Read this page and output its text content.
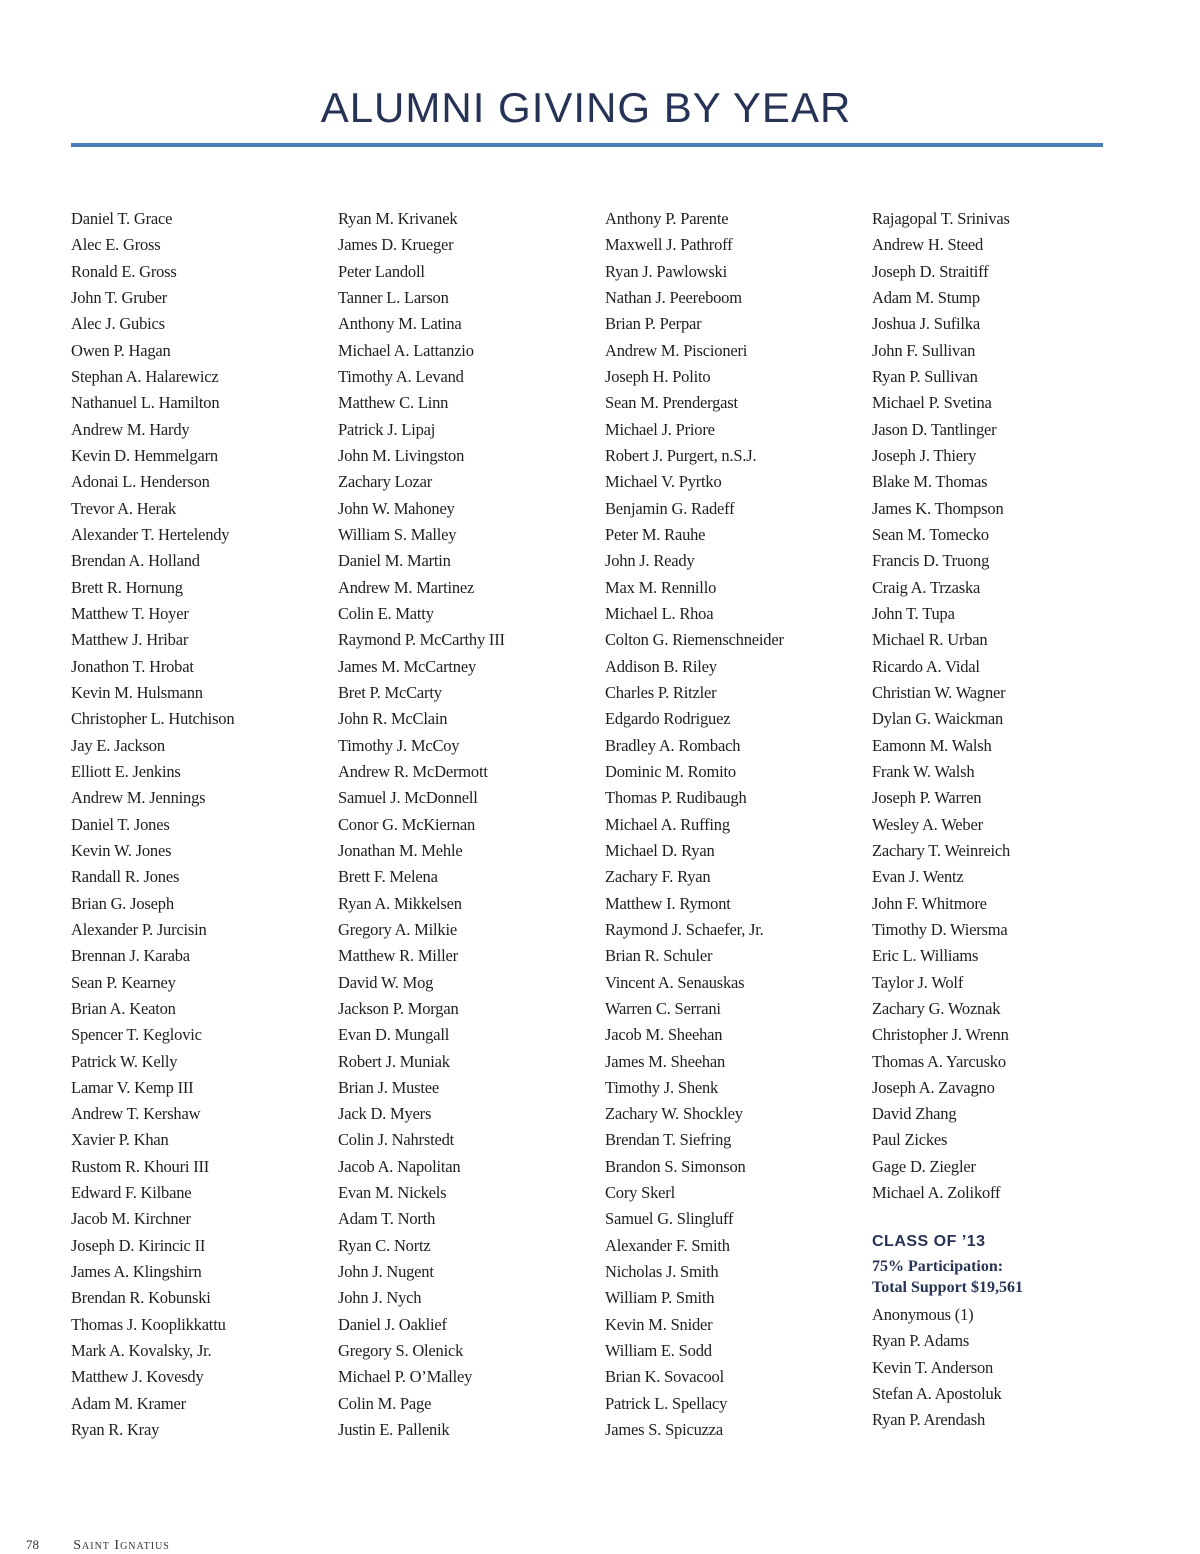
ALUMNI GIVING BY YEAR
Daniel T. Grace
Alec E. Gross
Ronald E. Gross
John T. Gruber
Alec J. Gubics
Owen P. Hagan
Stephan A. Halarewicz
Nathanuel L. Hamilton
Andrew M. Hardy
Kevin D. Hemmelgarn
Adonai L. Henderson
Trevor A. Herak
Alexander T. Hertelendy
Brendan A. Holland
Brett R. Hornung
Matthew T. Hoyer
Matthew J. Hribar
Jonathon T. Hrobat
Kevin M. Hulsmann
Christopher L. Hutchison
Jay E. Jackson
Elliott E. Jenkins
Andrew M. Jennings
Daniel T. Jones
Kevin W. Jones
Randall R. Jones
Brian G. Joseph
Alexander P. Jurcisin
Brennan J. Karaba
Sean P. Kearney
Brian A. Keaton
Spencer T. Keglovic
Patrick W. Kelly
Lamar V. Kemp III
Andrew T. Kershaw
Xavier P. Khan
Rustom R. Khouri III
Edward F. Kilbane
Jacob M. Kirchner
Joseph D. Kirincic II
James A. Klingshirn
Brendan R. Kobunski
Thomas J. Kooplikkattu
Mark A. Kovalsky, Jr.
Matthew J. Kovesdy
Adam M. Kramer
Ryan R. Kray
Ryan M. Krivanek
James D. Krueger
Peter Landoll
Tanner L. Larson
Anthony M. Latina
Michael A. Lattanzio
Timothy A. Levand
Matthew C. Linn
Patrick J. Lipaj
John M. Livingston
Zachary Lozar
John W. Mahoney
William S. Malley
Daniel M. Martin
Andrew M. Martinez
Colin E. Matty
Raymond P. McCarthy III
James M. McCartney
Bret P. McCarty
John R. McClain
Timothy J. McCoy
Andrew R. McDermott
Samuel J. McDonnell
Conor G. McKiernan
Jonathan M. Mehle
Brett F. Melena
Ryan A. Mikkelsen
Gregory A. Milkie
Matthew R. Miller
David W. Mog
Jackson P. Morgan
Evan D. Mungall
Robert J. Muniak
Brian J. Mustee
Jack D. Myers
Colin J. Nahrstedt
Jacob A. Napolitan
Evan M. Nickels
Adam T. North
Ryan C. Nortz
John J. Nugent
John J. Nych
Daniel J. Oaklief
Gregory S. Olenick
Michael P. O’Malley
Colin M. Page
Justin E. Pallenik
Anthony P. Parente
Maxwell J. Pathroff
Ryan J. Pawlowski
Nathan J. Peereboom
Brian P. Perpar
Andrew M. Piscioneri
Joseph H. Polito
Sean M. Prendergast
Michael J. Priore
Robert J. Purgert, n.S.J.
Michael V. Pyrtko
Benjamin G. Radeff
Peter M. Rauhe
John J. Ready
Max M. Rennillo
Michael L. Rhoa
Colton G. Riemenschneider
Addison B. Riley
Charles P. Ritzler
Edgardo Rodriguez
Bradley A. Rombach
Dominic M. Romito
Thomas P. Rudibaugh
Michael A. Ruffing
Michael D. Ryan
Zachary F. Ryan
Matthew I. Rymont
Raymond J. Schaefer, Jr.
Brian R. Schuler
Vincent A. Senauskas
Warren C. Serrani
Jacob M. Sheehan
James M. Sheehan
Timothy J. Shenk
Zachary W. Shockley
Brendan T. Siefring
Brandon S. Simonson
Cory Skerl
Samuel G. Slingluff
Alexander F. Smith
Nicholas J. Smith
William P. Smith
Kevin M. Snider
William E. Sodd
Brian K. Sovacool
Patrick L. Spellacy
James S. Spicuzza
Rajagopal T. Srinivas
Andrew H. Steed
Joseph D. Straitiff
Adam M. Stump
Joshua J. Sufilka
John F. Sullivan
Ryan P. Sullivan
Michael P. Svetina
Jason D. Tantlinger
Joseph J. Thiery
Blake M. Thomas
James K. Thompson
Sean M. Tomecko
Francis D. Truong
Craig A. Trzaska
John T. Tupa
Michael R. Urban
Ricardo A. Vidal
Christian W. Wagner
Dylan G. Waickman
Eamonn M. Walsh
Frank W. Walsh
Joseph P. Warren
Wesley A. Weber
Zachary T. Weinreich
Evan J. Wentz
John F. Whitmore
Timothy D. Wiersma
Eric L. Williams
Taylor J. Wolf
Zachary G. Woznak
Christopher J. Wrenn
Thomas A. Yarcusko
Joseph A. Zavagno
David Zhang
Paul Zickes
Gage D. Ziegler
Michael A. Zolikoff
CLASS OF ’13
75% Participation:
Total Support $19,561
Anonymous (1)
Ryan P. Adams
Kevin T. Anderson
Stefan A. Apostoluk
Ryan P. Arendash
78 Saint Ignatius
